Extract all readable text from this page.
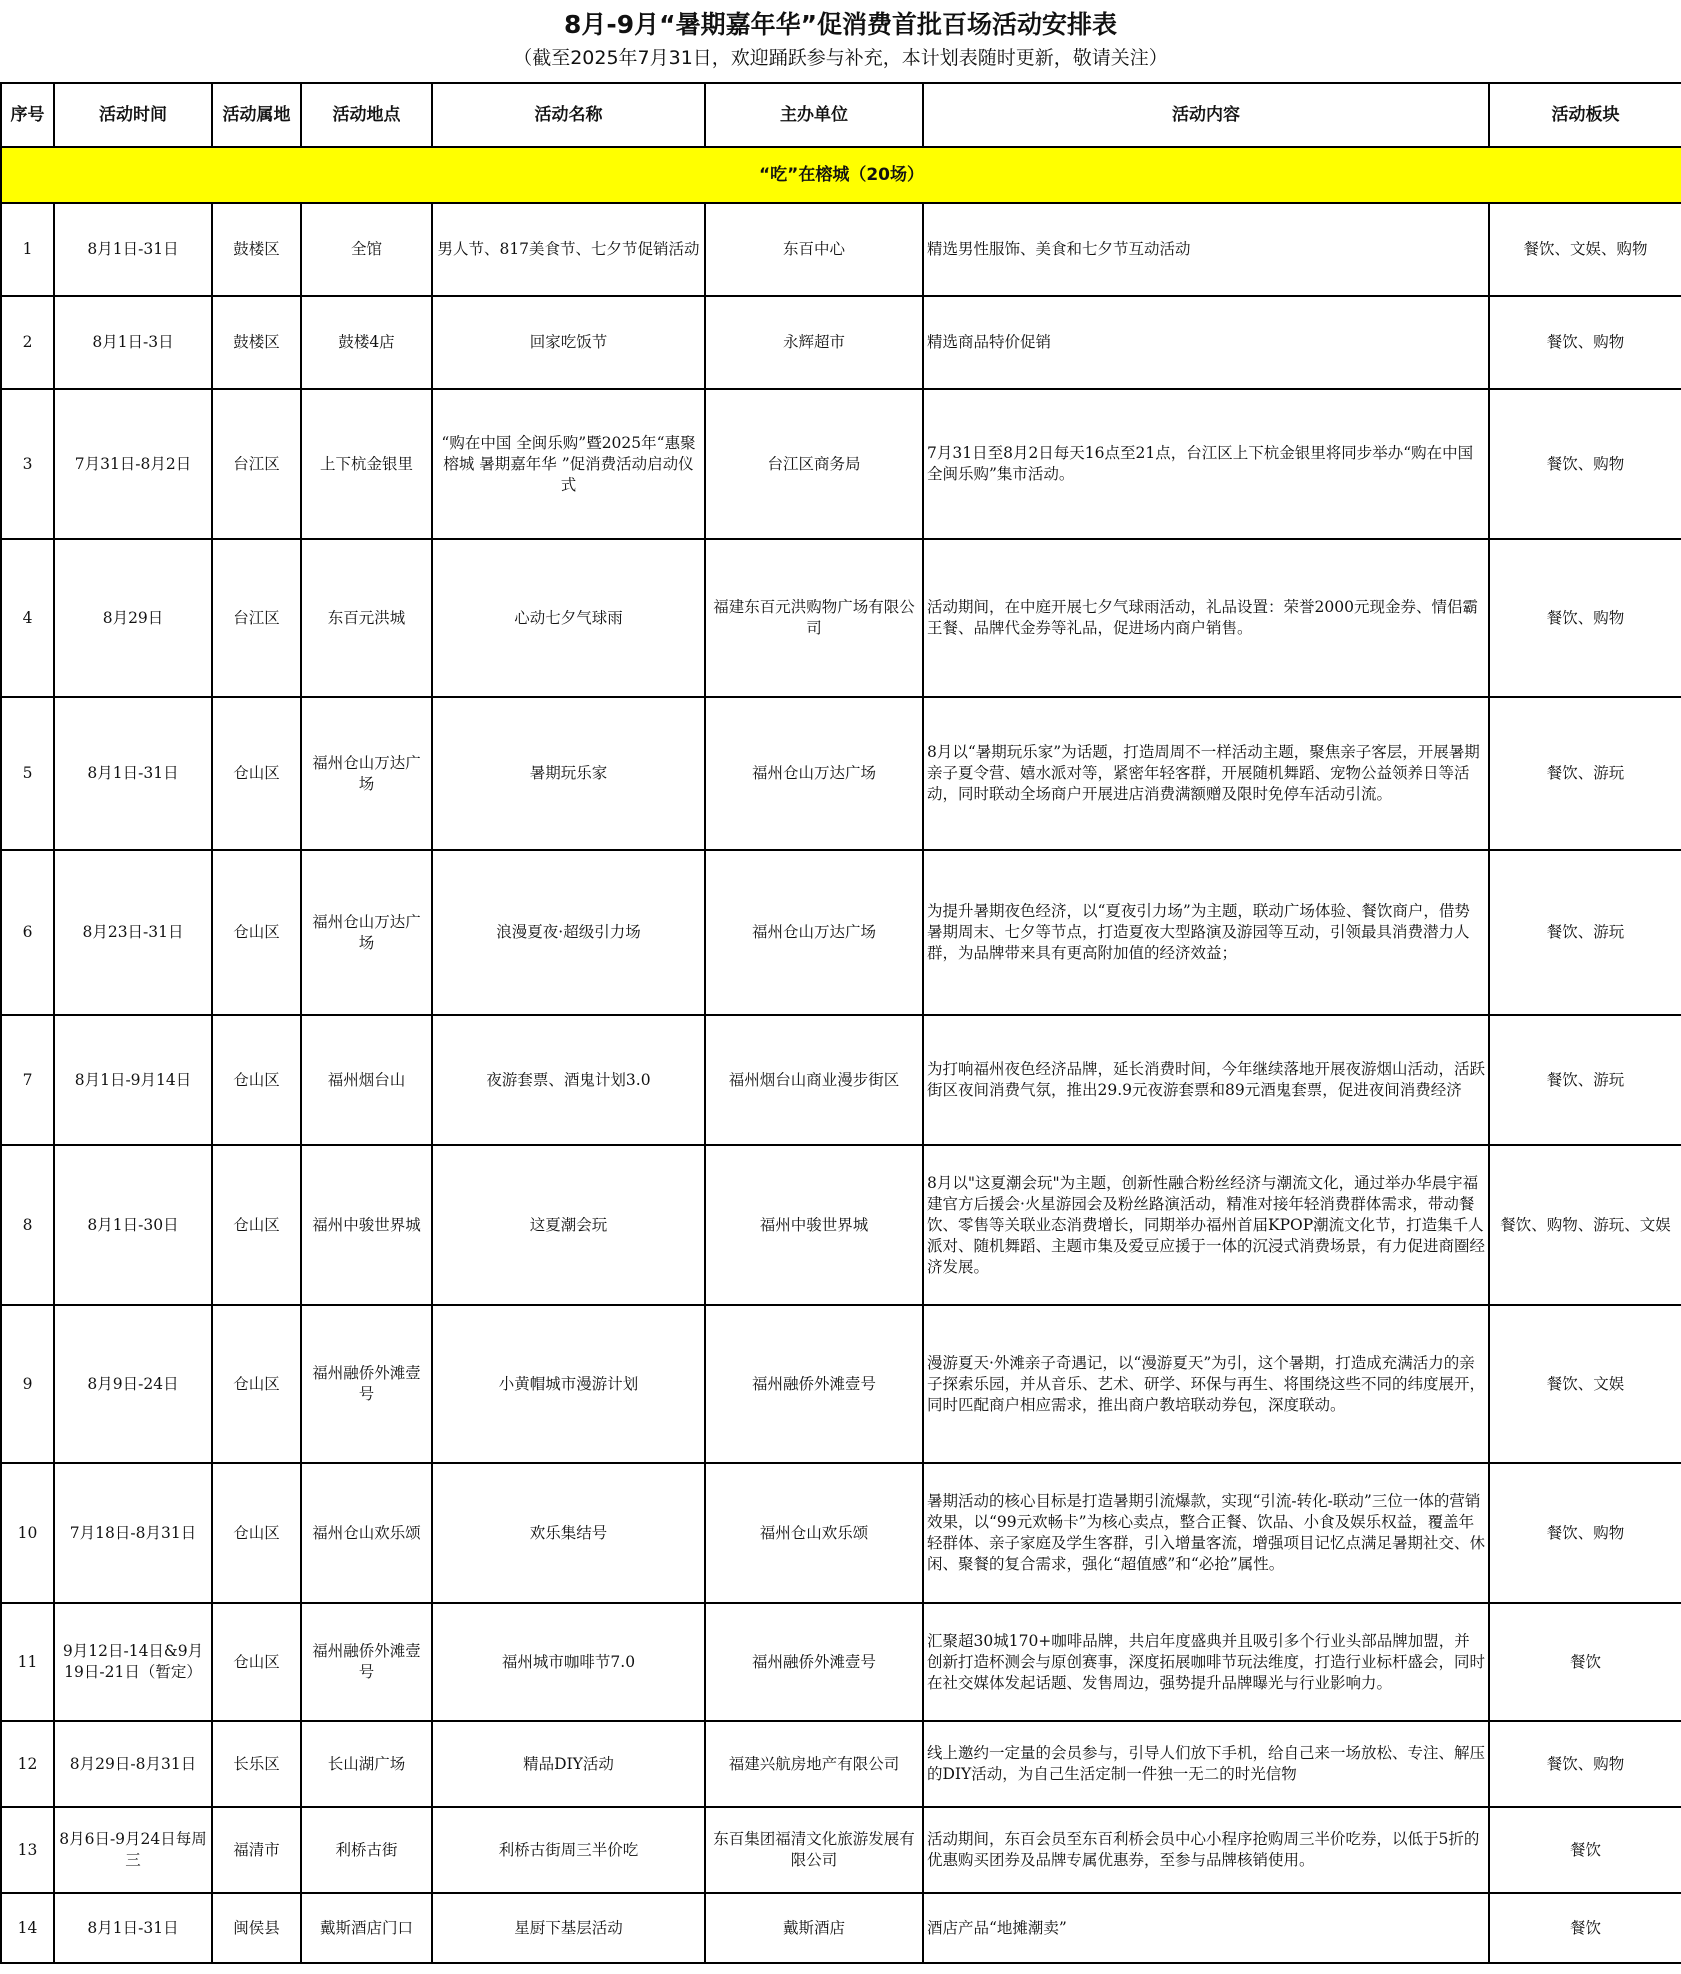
8月-9月“暑期嘉年华”促消费首批百场活动安排表
（截至2025年7月31日，欢迎踊跃参与补充，本计划表随时更新，敬请关注）
序号	活动时间	活动属地	活动地点	活动名称	主办单位	活动内容	活动板块
“吃”在榕城（20场）							
1	8月1日-31日	鼓楼区	全馆	男人节、817美食节、七夕节促销活动	东百中心	精选男性服饰、美食和七夕节互动活动	餐饮、文娱、购物
2	8月1日-3日	鼓楼区	鼓楼4店	回家吃饭节	永辉超市	精选商品特价促销	餐饮、购物
3	7月31日-8月2日	台江区	上下杭金银里	“购在中国 全闽乐购”暨2025年“惠聚榕城 暑期嘉年华 ”促消费活动启动仪式	台江区商务局	7月31日至8月2日每天16点至21点，台江区上下杭金银里将同步举办“购在中国 全闽乐购”集市活动。	餐饮、购物
4	8月29日	台江区	东百元洪城	心动七夕气球雨	福建东百元洪购物广场有限公司	活动期间，在中庭开展七夕气球雨活动，礼品设置：荣誉2000元现金券、情侣霸王餐、品牌代金券等礼品，促进场内商户销售。	餐饮、购物
5	8月1日-31日	仓山区	福州仓山万达广场	暑期玩乐家	福州仓山万达广场	8月以“暑期玩乐家”为话题，打造周周不一样活动主题，聚焦亲子客层，开展暑期亲子夏令营、嬉水派对等，紧密年轻客群，开展随机舞蹈、宠物公益领养日等活动，同时联动全场商户开展进店消费满额赠及限时免停车活动引流。	餐饮、游玩
6	8月23日-31日	仓山区	福州仓山万达广场	浪漫夏夜·超级引力场	福州仓山万达广场	为提升暑期夜色经济，以“夏夜引力场”为主题，联动广场体验、餐饮商户，借势暑期周末、七夕等节点，打造夏夜大型路演及游园等互动，引领最具消费潜力人群，为品牌带来具有更高附加值的经济效益；	餐饮、游玩
7	8月1日-9月14日	仓山区	福州烟台山	夜游套票、酒鬼计划3.0	福州烟台山商业漫步街区	为打响福州夜色经济品牌，延长消费时间，今年继续落地开展夜游烟山活动，活跃街区夜间消费气氛，推出29.9元夜游套票和89元酒鬼套票，促进夜间消费经济	餐饮、游玩
8	8月1日-30日	仓山区	福州中骏世界城	这夏潮会玩	福州中骏世界城	8月以"这夏潮会玩"为主题，创新性融合粉丝经济与潮流文化，通过举办华晨宇福建官方后援会·火星游园会及粉丝路演活动，精准对接年轻消费群体需求，带动餐饮、零售等关联业态消费增长，同期举办福州首届KPOP潮流文化节，打造集千人派对、随机舞蹈、主题市集及爱豆应援于一体的沉浸式消费场景，有力促进商圈经济发展。	餐饮、购物、游玩、文娱
9	8月9日-24日	仓山区	福州融侨外滩壹号	小黄帽城市漫游计划	福州融侨外滩壹号	漫游夏天·外滩亲子奇遇记，以“漫游夏天”为引，这个暑期，打造成充满活力的亲子探索乐园，并从音乐、艺术、研学、环保与再生、将围绕这些不同的纬度展开，同时匹配商户相应需求，推出商户教培联动券包，深度联动。	餐饮、文娱
10	7月18日-8月31日	仓山区	福州仓山欢乐颂	欢乐集结号	福州仓山欢乐颂	暑期活动的核心目标是打造暑期引流爆款，实现“引流-转化-联动”三位一体的营销效果，以“99元欢畅卡”为核心卖点，整合正餐、饮品、小食及娱乐权益，覆盖年轻群体、亲子家庭及学生客群，引入增量客流，增强项目记忆点满足暑期社交、休闲、聚餐的复合需求，强化“超值感”和“必抢”属性。	餐饮、购物
11	9月12日-14日&9月19日-21日（暂定）	仓山区	福州融侨外滩壹号	福州城市咖啡节7.0	福州融侨外滩壹号	汇聚超30城170+咖啡品牌，共启年度盛典并且吸引多个行业头部品牌加盟，并创新打造杯测会与原创赛事，深度拓展咖啡节玩法维度，打造行业标杆盛会，同时在社交媒体发起话题、发售周边，强势提升品牌曝光与行业影响力。	餐饮
12	8月29日-8月31日	长乐区	长山湖广场	精品DIY活动	福建兴航房地产有限公司	线上邀约一定量的会员参与，引导人们放下手机，给自己来一场放松、专注、解压的DIY活动，为自己生活定制一件独一无二的时光信物	餐饮、购物
13	8月6日-9月24日每周三	福清市	利桥古街	利桥古街周三半价吃	东百集团福清文化旅游发展有限公司	活动期间，东百会员至东百利桥会员中心小程序抢购周三半价吃券，以低于5折的优惠购买团券及品牌专属优惠券，至参与品牌核销使用。	餐饮
14	8月1日-31日	闽侯县	戴斯酒店门口	星厨下基层活动	戴斯酒店	酒店产品“地摊潮卖”	餐饮
